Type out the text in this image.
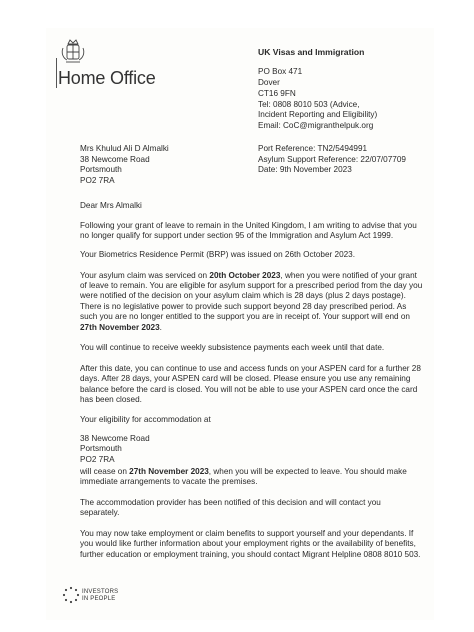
Home Office
UK Visas and Immigration
PO Box 471
Dover
CT16 9FN
Tel: 0808 8010 503 (Advice,
Incident Reporting and Eligibility)
Email: CoC@migranthelpuk.org
Mrs Khulud Ali D Almalki
38 Newcome Road
Portsmouth
PO2 7RA
Port Reference: TN2/5494991
Asylum Support Reference: 22/07/07709
Date: 9th November 2023
Dear Mrs Almalki
Following your grant of leave to remain in the United Kingdom, I am writing to advise that you
no longer qualify for support under section 95 of the Immigration and Asylum Act 1999.
Your Biometrics Residence Permit (BRP) was issued on 26th October 2023.
Your asylum claim was serviced on 20th October 2023, when you were notified of your grant
of leave to remain. You are eligible for asylum support for a prescribed period from the day you
were notified of the decision on your asylum claim which is 28 days (plus 2 days postage).
There is no legislative power to provide such support beyond 28 day prescribed period. As
such you are no longer entitled to the support you are in receipt of. Your support will end on
27th November 2023.
You will continue to receive weekly subsistence payments each week until that date.
After this date, you can continue to use and access funds on your ASPEN card for a further 28
days. After 28 days, your ASPEN card will be closed. Please ensure you use any remaining
balance before the card is closed. You will not be able to use your ASPEN card once the card
has been closed.
Your eligibility for accommodation at
38 Newcome Road
Portsmouth
PO2 7RA
will cease on 27th November 2023, when you will be expected to leave. You should make
immediate arrangements to vacate the premises.
The accommodation provider has been notified of this decision and will contact you
separately.
You may now take employment or claim benefits to support yourself and your dependants. If
you would like further information about your employment rights or the availability of benefits,
further education or employment training, you should contact Migrant Helpline 0808 8010 503.
INVESTORS
IN PEOPLE
